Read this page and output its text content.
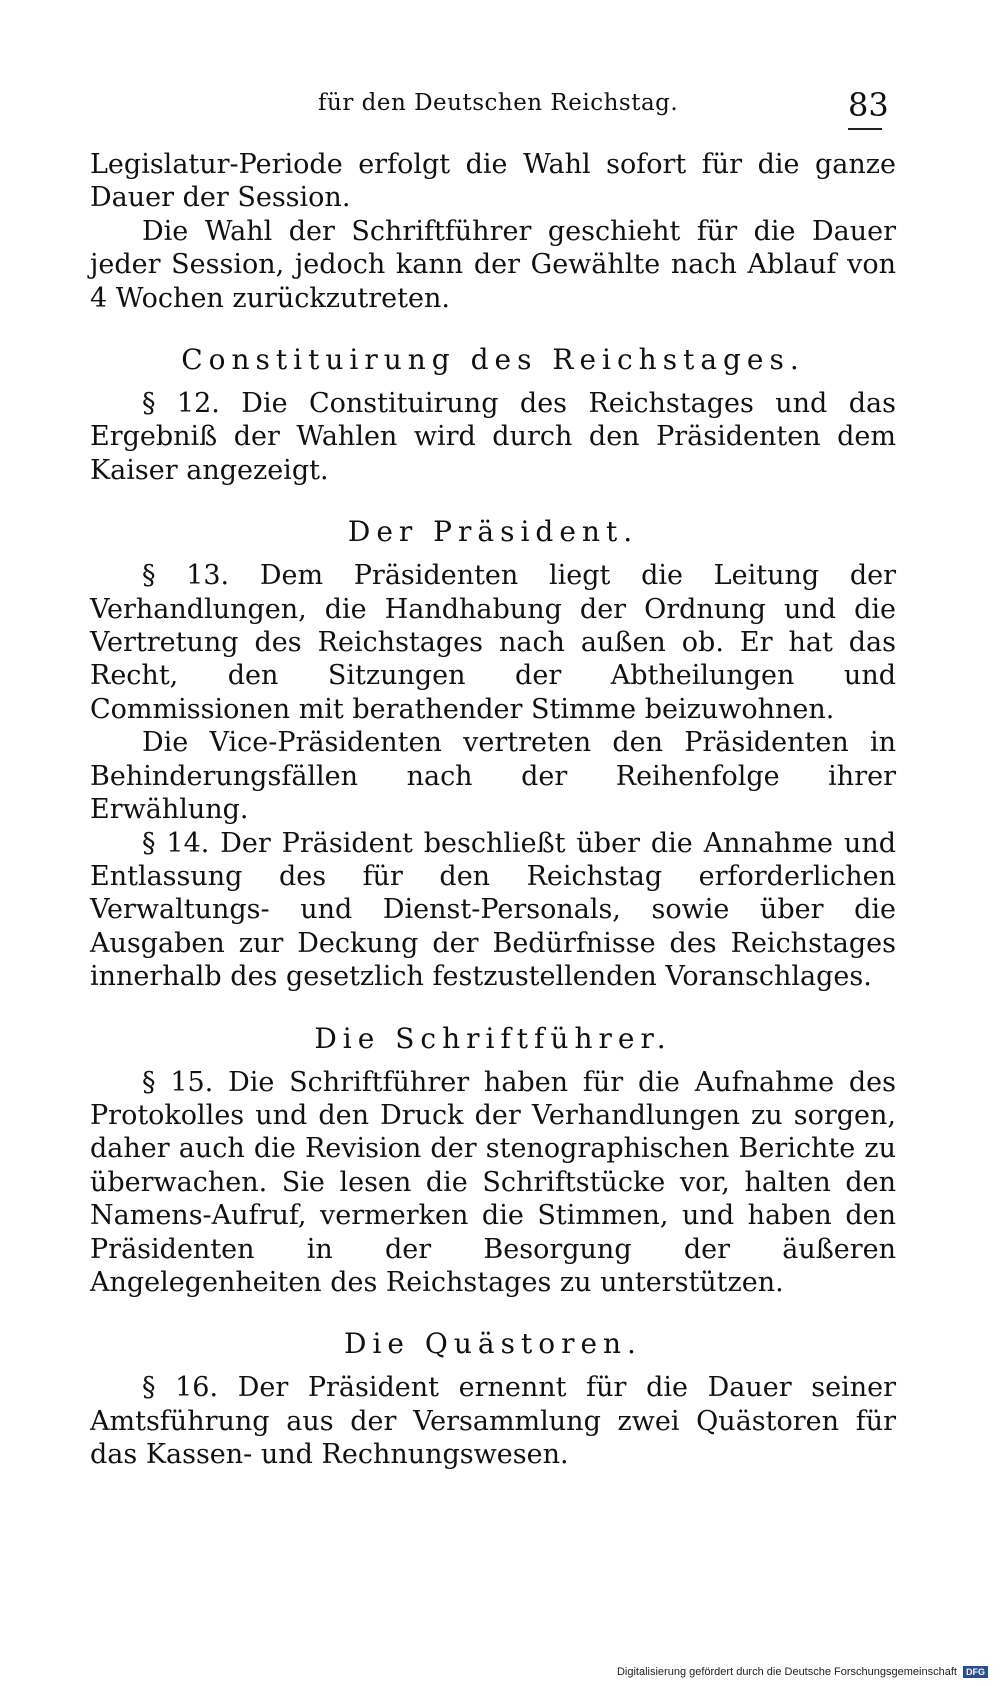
für den Deutschen Reichstag.	83

Legislatur-Periode erfolgt die Wahl sofort für die ganze Dauer der Session.

Die Wahl der Schriftführer geschieht für die Dauer jeder Session, jedoch kann der Gewählte nach Ablauf von 4 Wochen zurückzutreten.

Constituirung des Reichstages.

§ 12. Die Constituirung des Reichstages und das Ergebniß der Wahlen wird durch den Präsidenten dem Kaiser angezeigt.

Der Präsident.

§ 13. Dem Präsidenten liegt die Leitung der Verhandlungen, die Handhabung der Ordnung und die Vertretung des Reichstages nach außen ob. Er hat das Recht, den Sitzungen der Abtheilungen und Commissionen mit berathender Stimme beizuwohnen.

Die Vice-Präsidenten vertreten den Präsidenten in Behinderungsfällen nach der Reihenfolge ihrer Erwählung.

§ 14. Der Präsident beschließt über die Annahme und Entlassung des für den Reichstag erforderlichen Verwaltungs- und Dienst-Personals, sowie über die Ausgaben zur Deckung der Bedürfnisse des Reichstages innerhalb des gesetzlich festzustellenden Voranschlages.

Die Schriftführer.

§ 15. Die Schriftführer haben für die Aufnahme des Protokolles und den Druck der Verhandlungen zu sorgen, daher auch die Revision der stenographischen Berichte zu überwachen. Sie lesen die Schriftstücke vor, halten den Namens-Aufruf, vermerken die Stimmen, und haben den Präsidenten in der Besorgung der äußeren Angelegenheiten des Reichstages zu unterstützen.

Die Quästoren.

§ 16. Der Präsident ernennt für die Dauer seiner Amtsführung aus der Versammlung zwei Quästoren für das Kassen- und Rechnungswesen.

Digitalisierung gefördert durch die Deutsche Forschungsgemeinschaft DFG
